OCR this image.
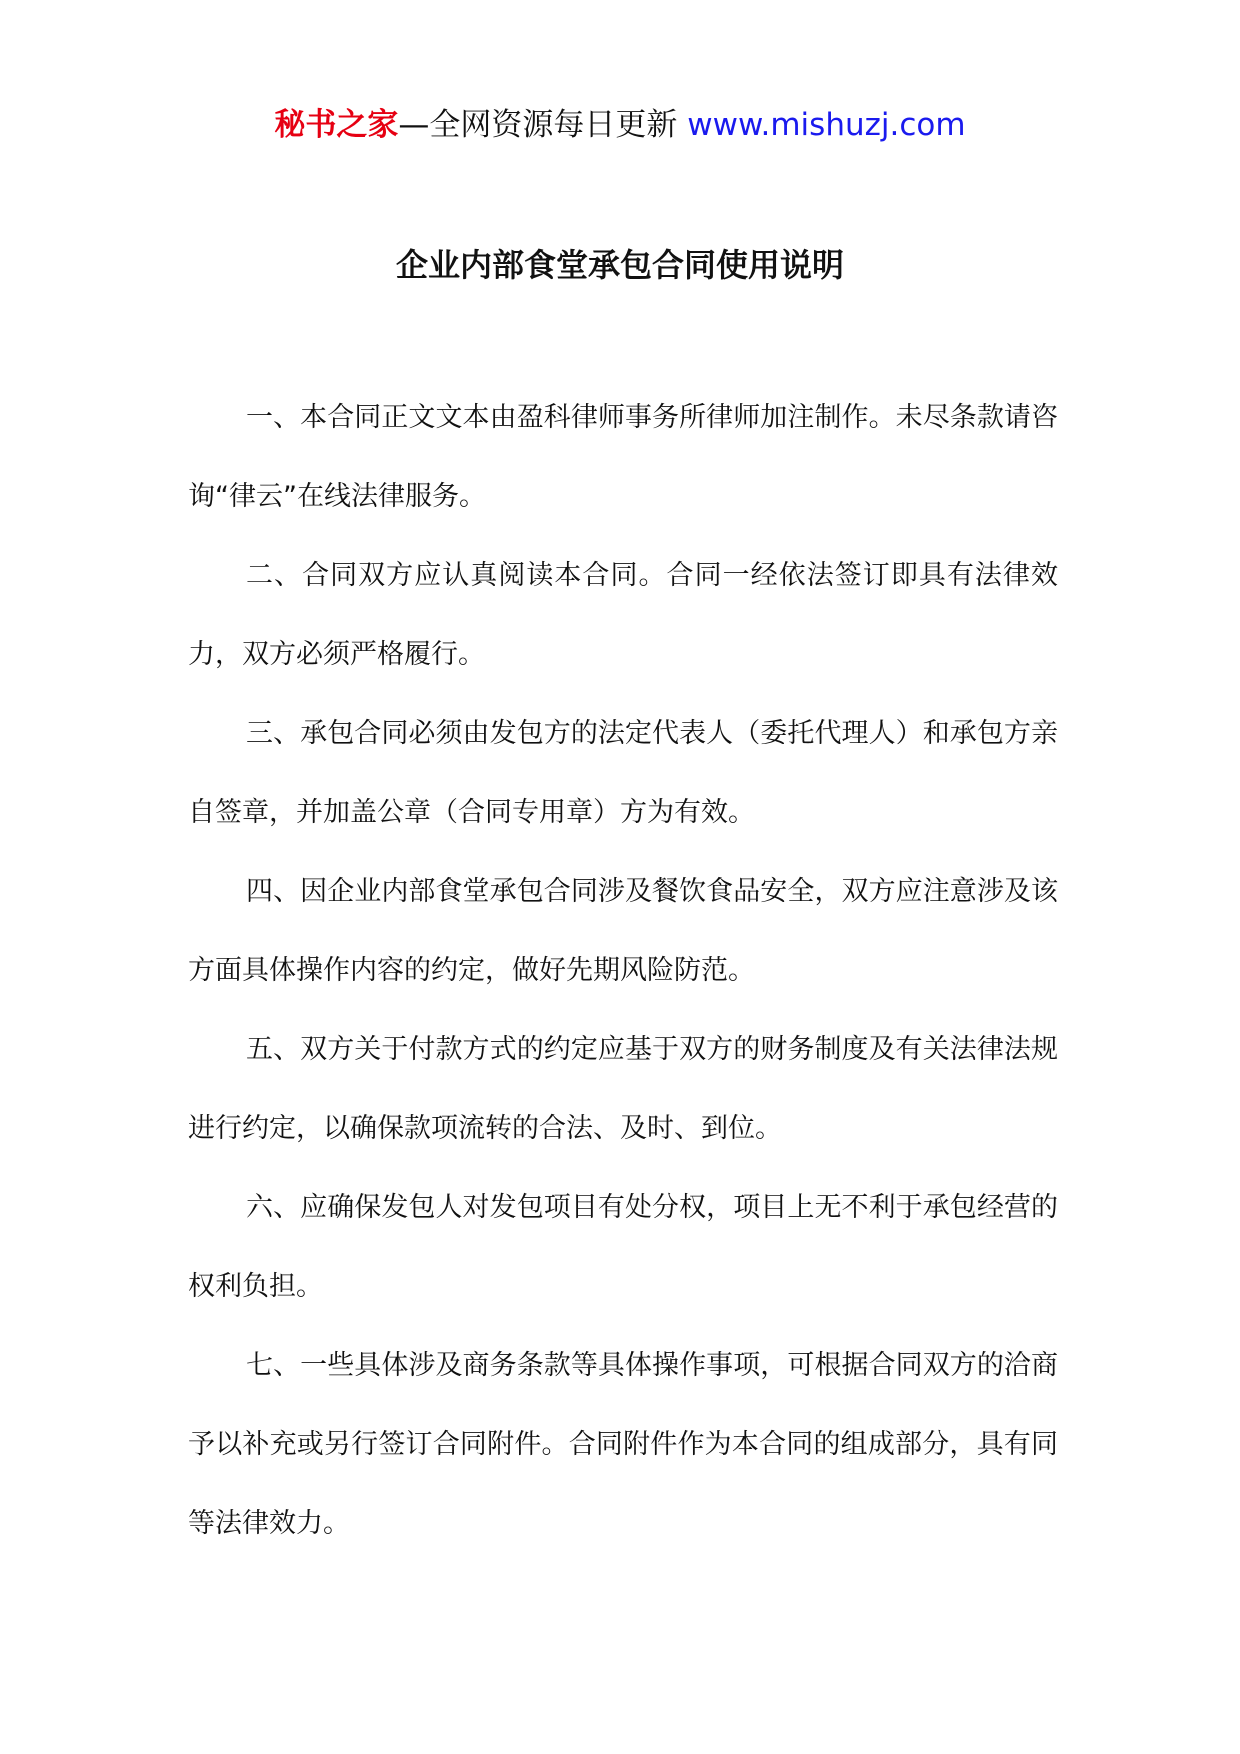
秘书之家—全网资源每日更新 www.mishuzj.com
企业内部食堂承包合同使用说明

一、本合同正文文本由盈科律师事务所律师加注制作。未尽条款请咨询“律云”在线法律服务。

二、合同双方应认真阅读本合同。合同一经依法签订即具有法律效力，双方必须严格履行。

三、承包合同必须由发包方的法定代表人（委托代理人）和承包方亲自签章，并加盖公章（合同专用章）方为有效。

四、因企业内部食堂承包合同涉及餐饮食品安全，双方应注意涉及该方面具体操作内容的约定，做好先期风险防范。

五、双方关于付款方式的约定应基于双方的财务制度及有关法律法规进行约定，以确保款项流转的合法、及时、到位。

六、应确保发包人对发包项目有处分权，项目上无不利于承包经营的权利负担。

七、一些具体涉及商务条款等具体操作事项，可根据合同双方的洽商予以补充或另行签订合同附件。合同附件作为本合同的组成部分，具有同等法律效力。
